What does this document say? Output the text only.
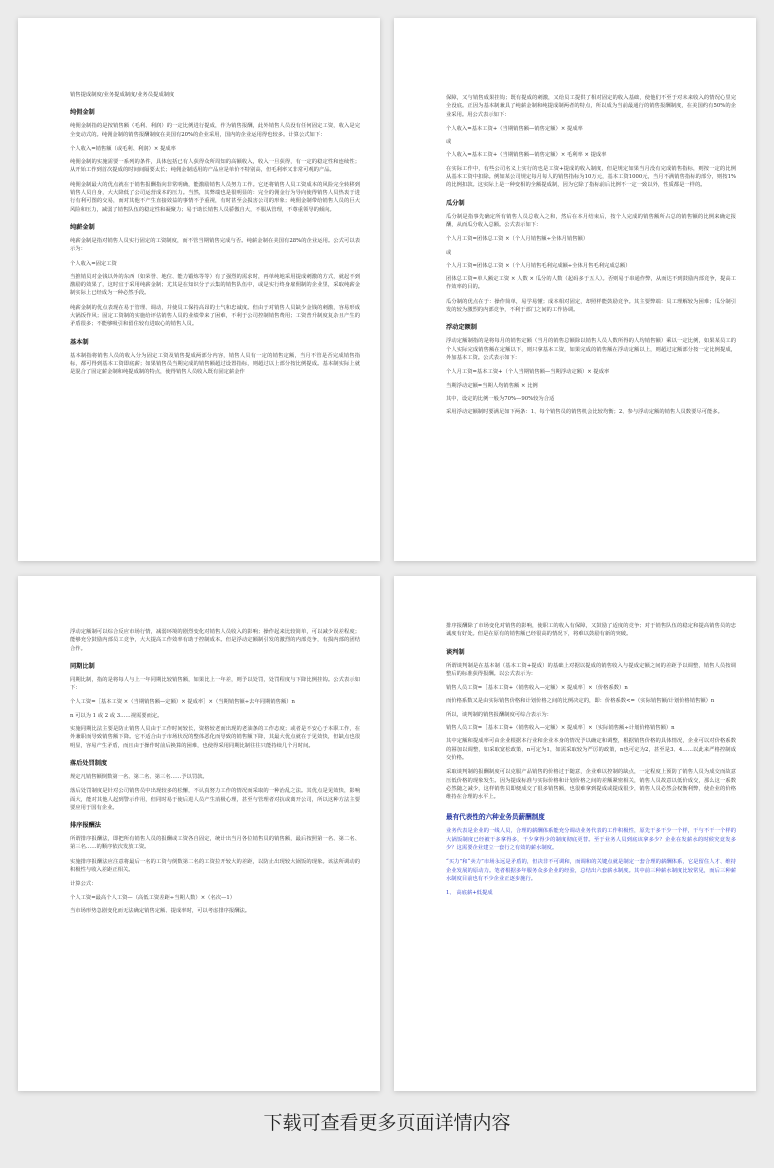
销售提成制度/业务提成制度/业务员提成制度

纯佣金制

纯佣金制指的是按销售额（毛利、利润）的一定比例进行提成，作为销售报酬，此外销售人员没有任何固定工资，收入是完全变动式的。纯佣金制的销售报酬制度在美国有20%的企业采用，国内的企业运用得也较多。计算公式如下：

个人收入=销售额（或毛利、利润）× 提成率

纯佣金制的实施需要一系列的条件，具体包括已有人获得众所周知的高额收入，收入一旦获得，有一定的稳定性和连续性；从开始工作到首次提成的时间间隔要太长；纯佣金制适用的产品应是单价不特别高，但毛利率又非常可观的产品。

纯佣金制最大的优点就在于销售报酬指向非常明确，能激励销售人员努力工作。它还将销售人员工资成本的风险完全转移到销售人员自身，大大降低了公司运营成本的压力。当然，其弊端也是很明显的：完全的佣金行为导向使得销售人员热衷于进行有利可图的交易，而对其他不产生直接效益的事情不予重视，有时甚至会损害公司的形象；纯佣金制带给销售人员的巨大风险和压力，减弱了销售队伍的稳定性和凝聚力；易于助长销售人员骄傲自大，不服从管理，不尊重领导的倾向。

纯薪金制

纯薪金制是指对销售人员实行固定的工资制度，而不管当期销售完成与否。纯薪金制在美国有28%的企业运用。公式可以表示为：

个人收入=固定工资

当推销员对金钱以外的东西（如荣誉、地位、能力锻炼等等）有了强烈的需求时，再单纯地采用提成刺激的方式，就起不到激励的效果了，这时宜于采用纯薪金制；尤其是在知识分子云集的销售队伍中，或是实行终身雇佣制的企业里，采取纯薪金制实际上已经成为一种必然手段。

纯薪金制的优点表现在易于管理、调动，并使员工保持高昂的士气和忠诚度。但由于对销售人员缺少金钱的刺激，容易形成大锅饭作风；固定工资制的实施给评估销售人员的业绩带来了困难，不利于公司控制销售费用；工资普升制度复杂且产生的矛盾很多；不能够吸引和留住较有进取心的销售人员。

基本制

基本制指将销售人员的收入分为固定工资及销售提成两部分内容，销售人员有一定的销售定额，当月不管是否完成销售指标，都可得到基本工资即底薪；如果销售员当期完成的销售额超过设置指标，则超过以上部分按比例提成。基本制实际上就是混合了固定薪金制和纯提成制的特点，使得销售人员收入既有固定薪金作

保障，又与销售成果挂钩；既有提成的刺激，又给员工提供了相对固定的收入基础，使他们不至于对未来收入的情况心里完全没底。正因为基本制兼具了纯薪金制和纯提成制两者的特点，所以成为当前最通行的销售报酬制度，在美国约有50%的企业采用。用公式表示如下：

个人收入=基本工资+（当期销售额—销售定额）× 提成率

或

个人收入=基本工资+（当期销售额—销售定额）× 毛利率 × 提成率

在实际工作中，有些公司名义上实行的也是工资+提成的收入制度，但是规定如果当月没有完成销售指标，则按一定的比例从基本工资中扣除。例如某公司规定每月每人的销售指标为10万元，基本工资1000元，当月不满销售指标的部分，则按1%的比例扣款。这实际上是一种变相的全额提成制，因为它除了指标前后比例不一定一致以外，性质都是一样的。

瓜分制

瓜分制是指事先确定所有销售人员总收入之和，然后在本月结束后，按个人完成的销售额所占总的销售额的比例来确定报酬，从而瓜分收入总额。公式表示如下：

个人月工资=团体总工资 ×（个人月销售额÷全体月销售额）

或

个人月工资=团体总工资 ×（个人月销售毛利完成额÷全体月售毛利完成总额）

团体总工资=单人额定工资 × 人数 × 瓜分的人数（起码多于五人）。否则易于串通作弊，从而达不到鼓励内部竞争，提高工作效率的目的。

瓜分制的优点在于：操作简单，易学易懂；成本相对固定，却照样能鼓励竞争。其主要弊端：员工理解较为困难；瓜分制引发的较为激烈的内部竞争，不利于部门之间的工作协调。

浮动定额制

浮动定额制指的是将每月的销售定额（当月的销售总额除以销售人员人数所得的人均销售额）乘以一定比例，如果某员工的个人实际完成销售额在定额以下，则只拿基本工资，如果完成的销售额在浮动定额以上，则超过定额部分按一定比例提成，外加基本工资。公式表示如下：

个人月工资=基本工资+（个人当期销售额—当期浮动定额）× 提成率

当期浮动定额=当期人均销售额 × 比例

其中，设定的比例一般为70%—90%较为合适

采用浮动定额制时要满足如下两条：1、每个销售员的销售机会比较均衡；2、参与浮动定额的销售人员数要尽可能多。

浮动定额制可以综合反应市场行情，减弱环境的剧烈变化对销售人员收入的影响；操作起来比较简单，可以减少误差程度；能够充分鼓励内部员工竞争，大大提高工作效率有助于控制成本。但是浮动定额制引发的激烈的内部竞争，有损内部的团结合作。

同期比制

同期比制，指的是将每人与上一年同期比较销售额，如果比上一年差，则予以处罚，处罚程度与下降比例挂钩。公式表示如下：

个人工资=［基本工资 ×（当期销售额—定额）× 提成率］×（当期销售额÷去年同期销售额）n

n 可以为 1 或 2 或 3……视需要而定。

实施同期比法主要是防止销售人员由于工作时间较长，资格较老而出现的老油条的工作态度；或者是不安心于本职工作，在外兼职而导致销售额下降。它不适合由于市场状况的整体恶化而导致的销售额下降，其最大优点就在于见效快，但缺点也很明显，容易产生矛盾，而且由于操作时前后换算的困难，也使得采用同期比制往往只能持续几个月时间。

落后处罚制度

规定凡销售额倒数第一名、第二名、第三名……予以罚款。

落后处罚制度是针对公司销售员中出现较多的松懈，不认真努力工作的情况而采取的一种治乱之法。其优点是见效快，影响面大，能对其他人起到警示作用，但同时易于使后进人员产生消极心理，甚至与管理者对抗或离开公司，所以这种方法主要要应用于国有企业。

排序报酬法

所谓排序报酬法，即把所有销售人员的报酬或工资各自固定，统计出当月各位销售员的销售额，最后按照第一名、第二名、第三名……的顺序依次发放工资。

实施排序报酬法应注意将最后一名的工资与倒数第二名的工资拉开较大的差距，以防止出现较大锅饭的现象。该法所调动的积极性与收入差距正相关。

计算公式：

个人工资=最高个人工资—（高低工资差距÷当期人数）×（名次—1）

当市场形势急剧变化而无法确定销售定额、提成率时，可以考虑排序报酬法。

排序报酬除了市场变化对销售的影响，使职工的收入有保障，又鼓励了适度的竞争；对于销售队伍的稳定和提高销售员的忠诚度有好处。但是在原有的销售额已经很高的情况下，将难以鼓励有新的突破。

谈判制

所谓谈判制是在基本制（基本工资+提成）的基础上对据以提成的销售收入与提成定额之间的差距予以调整，销售人员按调整后的标准获得报酬。以公式表示为：

销售人员工资=［基本工资+（销售收入—定额）× 提成率］×（价格系数）n

而价格系数又是由实际销售价格和计划价格之间的比例决定的，即：价格系数<=（实际销售额/计划价格销售额）n

所以，谈判制的销售报酬制度可综合表示为：

销售人员工资=［基本工资+（销售收入—定额）× 提成率］×（实际销售额÷计划价格销售额）n

其中定额和提成率可由企业根据本行业和企业本身的情况予以确定和调整，根据销售价格的具体情况，企业可以对价格系数的幂加以调整，如采取宽松政策，n可定为1，如需采取较为严厉的政策，n也可定为2，甚至是3、4……以此来严格控制成交价格。

采取谈判制的报酬制度可以克服产品销售的价格过于随意，企业难以控制的缺点，一定程度上预防了销售人员为成交而故意压低价格的现象发生。因为提成标准与实际价格和计划价格之间的差额紧密相关，销售人员故意以低价成交，那么这一系数必然随之减少，这样销售员即便成交了很多销售额，也很难拿到提成或提成很少，销售人员必然会权衡利弊，使企业的价格维持在合理的水平上。

最有代表性的六种业务员薪酬制度

业务代表是企业的一线人员，合理的薪酬体系能充分调动业务代表的工作积极性，原先干多干少一个样，干与不干一个样的大锅饭制度已经被干多拿得多，干少拿得少的制度彻底更替。至于业务人员到底该拿多少？企业在发薪水的时候究竟发多少？这需要企业建立一套行之有效的薪水制度。

“买力”和“卖力”市场永远是矛盾的，但决非不可调和，而调和的关键点就是制定一套合理的薪酬体系，它是留住人才、维持企业发展的原动力。笔者根据多年服务众多企业的经验，总结出六套薪水制度。其中前三种薪水制度比较常见，而后三种薪水制度目前也有不少企业正逐步施行。

1、 高底薪+低提成

下载可查看更多页面详情内容
